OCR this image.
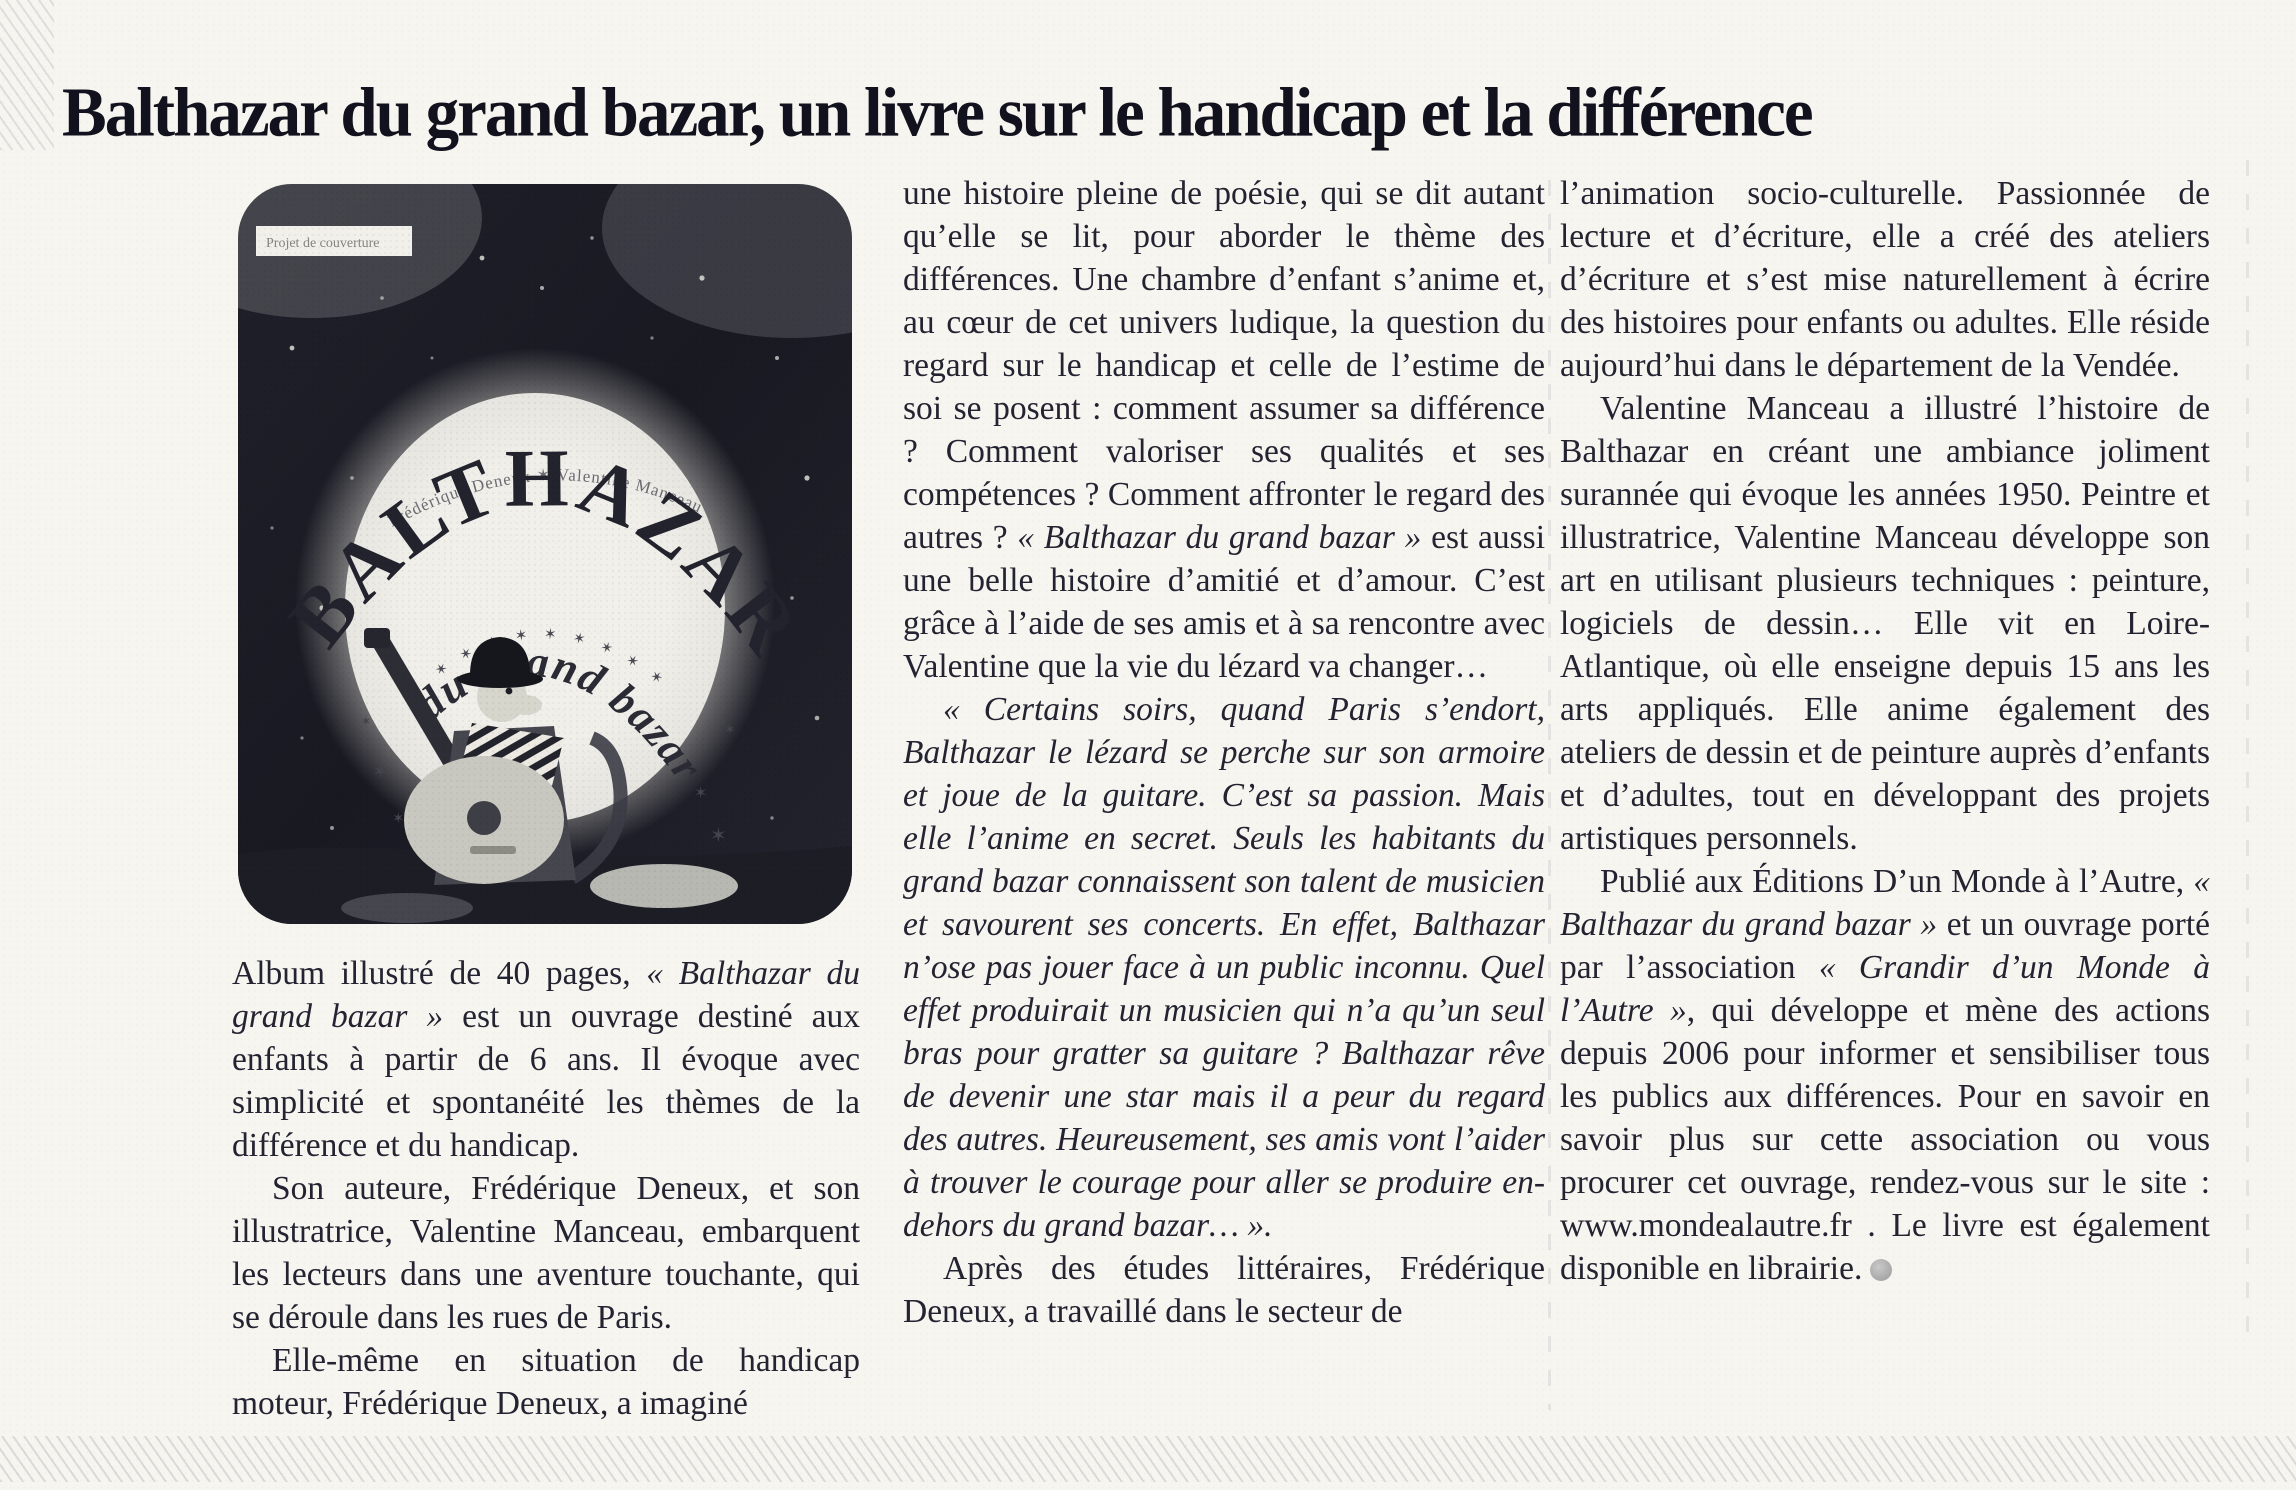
Balthazar du grand bazar, un livre sur le handicap et la différence

Album illustré de 40 pages, « Balthazar du grand bazar » est un ouvrage destiné aux enfants à partir de 6 ans. Il évoque avec simplicité et spontanéité les thèmes de la différence et du handicap.

Son auteure, Frédérique Deneux, et son illustratrice, Valentine Manceau, embarquent les lecteurs dans une aventure touchante, qui se déroule dans les rues de Paris.

Elle-même en situation de handicap moteur, Frédérique Deneux, a imaginé

une histoire pleine de poésie, qui se dit autant qu’elle se lit, pour aborder le thème des différences. Une chambre d’enfant s’anime et, au cœur de cet univers ludique, la question du regard sur le handicap et celle de l’estime de soi se posent : comment assumer sa différence ? Comment valoriser ses qualités et ses compétences ? Comment affronter le regard des autres ? « Balthazar du grand bazar » est aussi une belle histoire d’amitié et d’amour. C’est grâce à l’aide de ses amis et à sa rencontre avec Valentine que la vie du lézard va changer…

« Certains soirs, quand Paris s’endort, Balthazar le lézard se perche sur son armoire et joue de la guitare. C’est sa passion. Mais elle l’anime en secret. Seuls les habitants du grand bazar connaissent son talent de musicien et savourent ses concerts. En effet, Balthazar n’ose pas jouer face à un public inconnu. Quel effet produirait un musicien qui n’a qu’un seul bras pour gratter sa guitare ? Balthazar rêve de devenir une star mais il a peur du regard des autres. Heureusement, ses amis vont l’aider à trouver le courage pour aller se produire en-dehors du grand bazar… ».

Après des études littéraires, Frédérique Deneux, a travaillé dans le secteur de

l’animation socio-culturelle. Passionnée de lecture et d’écriture, elle a créé des ateliers d’écriture et s’est mise naturellement à écrire des histoires pour enfants ou adultes. Elle réside aujourd’hui dans le département de la Vendée.

Valentine Manceau a illustré l’histoire de Balthazar en créant une ambiance joliment surannée qui évoque les années 1950. Peintre et illustratrice, Valentine Manceau développe son art en utilisant plusieurs techniques : peinture, logiciels de dessin… Elle vit en Loire-Atlantique, où elle enseigne depuis 15 ans les arts appliqués. Elle anime également des ateliers de dessin et de peinture auprès d’enfants et d’adultes, tout en développant des projets artistiques personnels.

Publié aux Éditions D’un Monde à l’Autre, « Balthazar du grand bazar » et un ouvrage porté par l’association « Grandir d’un Monde à l’Autre », qui développe et mène des actions depuis 2006 pour informer et sensibiliser tous les publics aux différences. Pour en savoir en savoir plus sur cette association ou vous procurer cet ouvrage, rendez-vous sur le site : www.mondealautre.fr . Le livre est également disponible en librairie.
